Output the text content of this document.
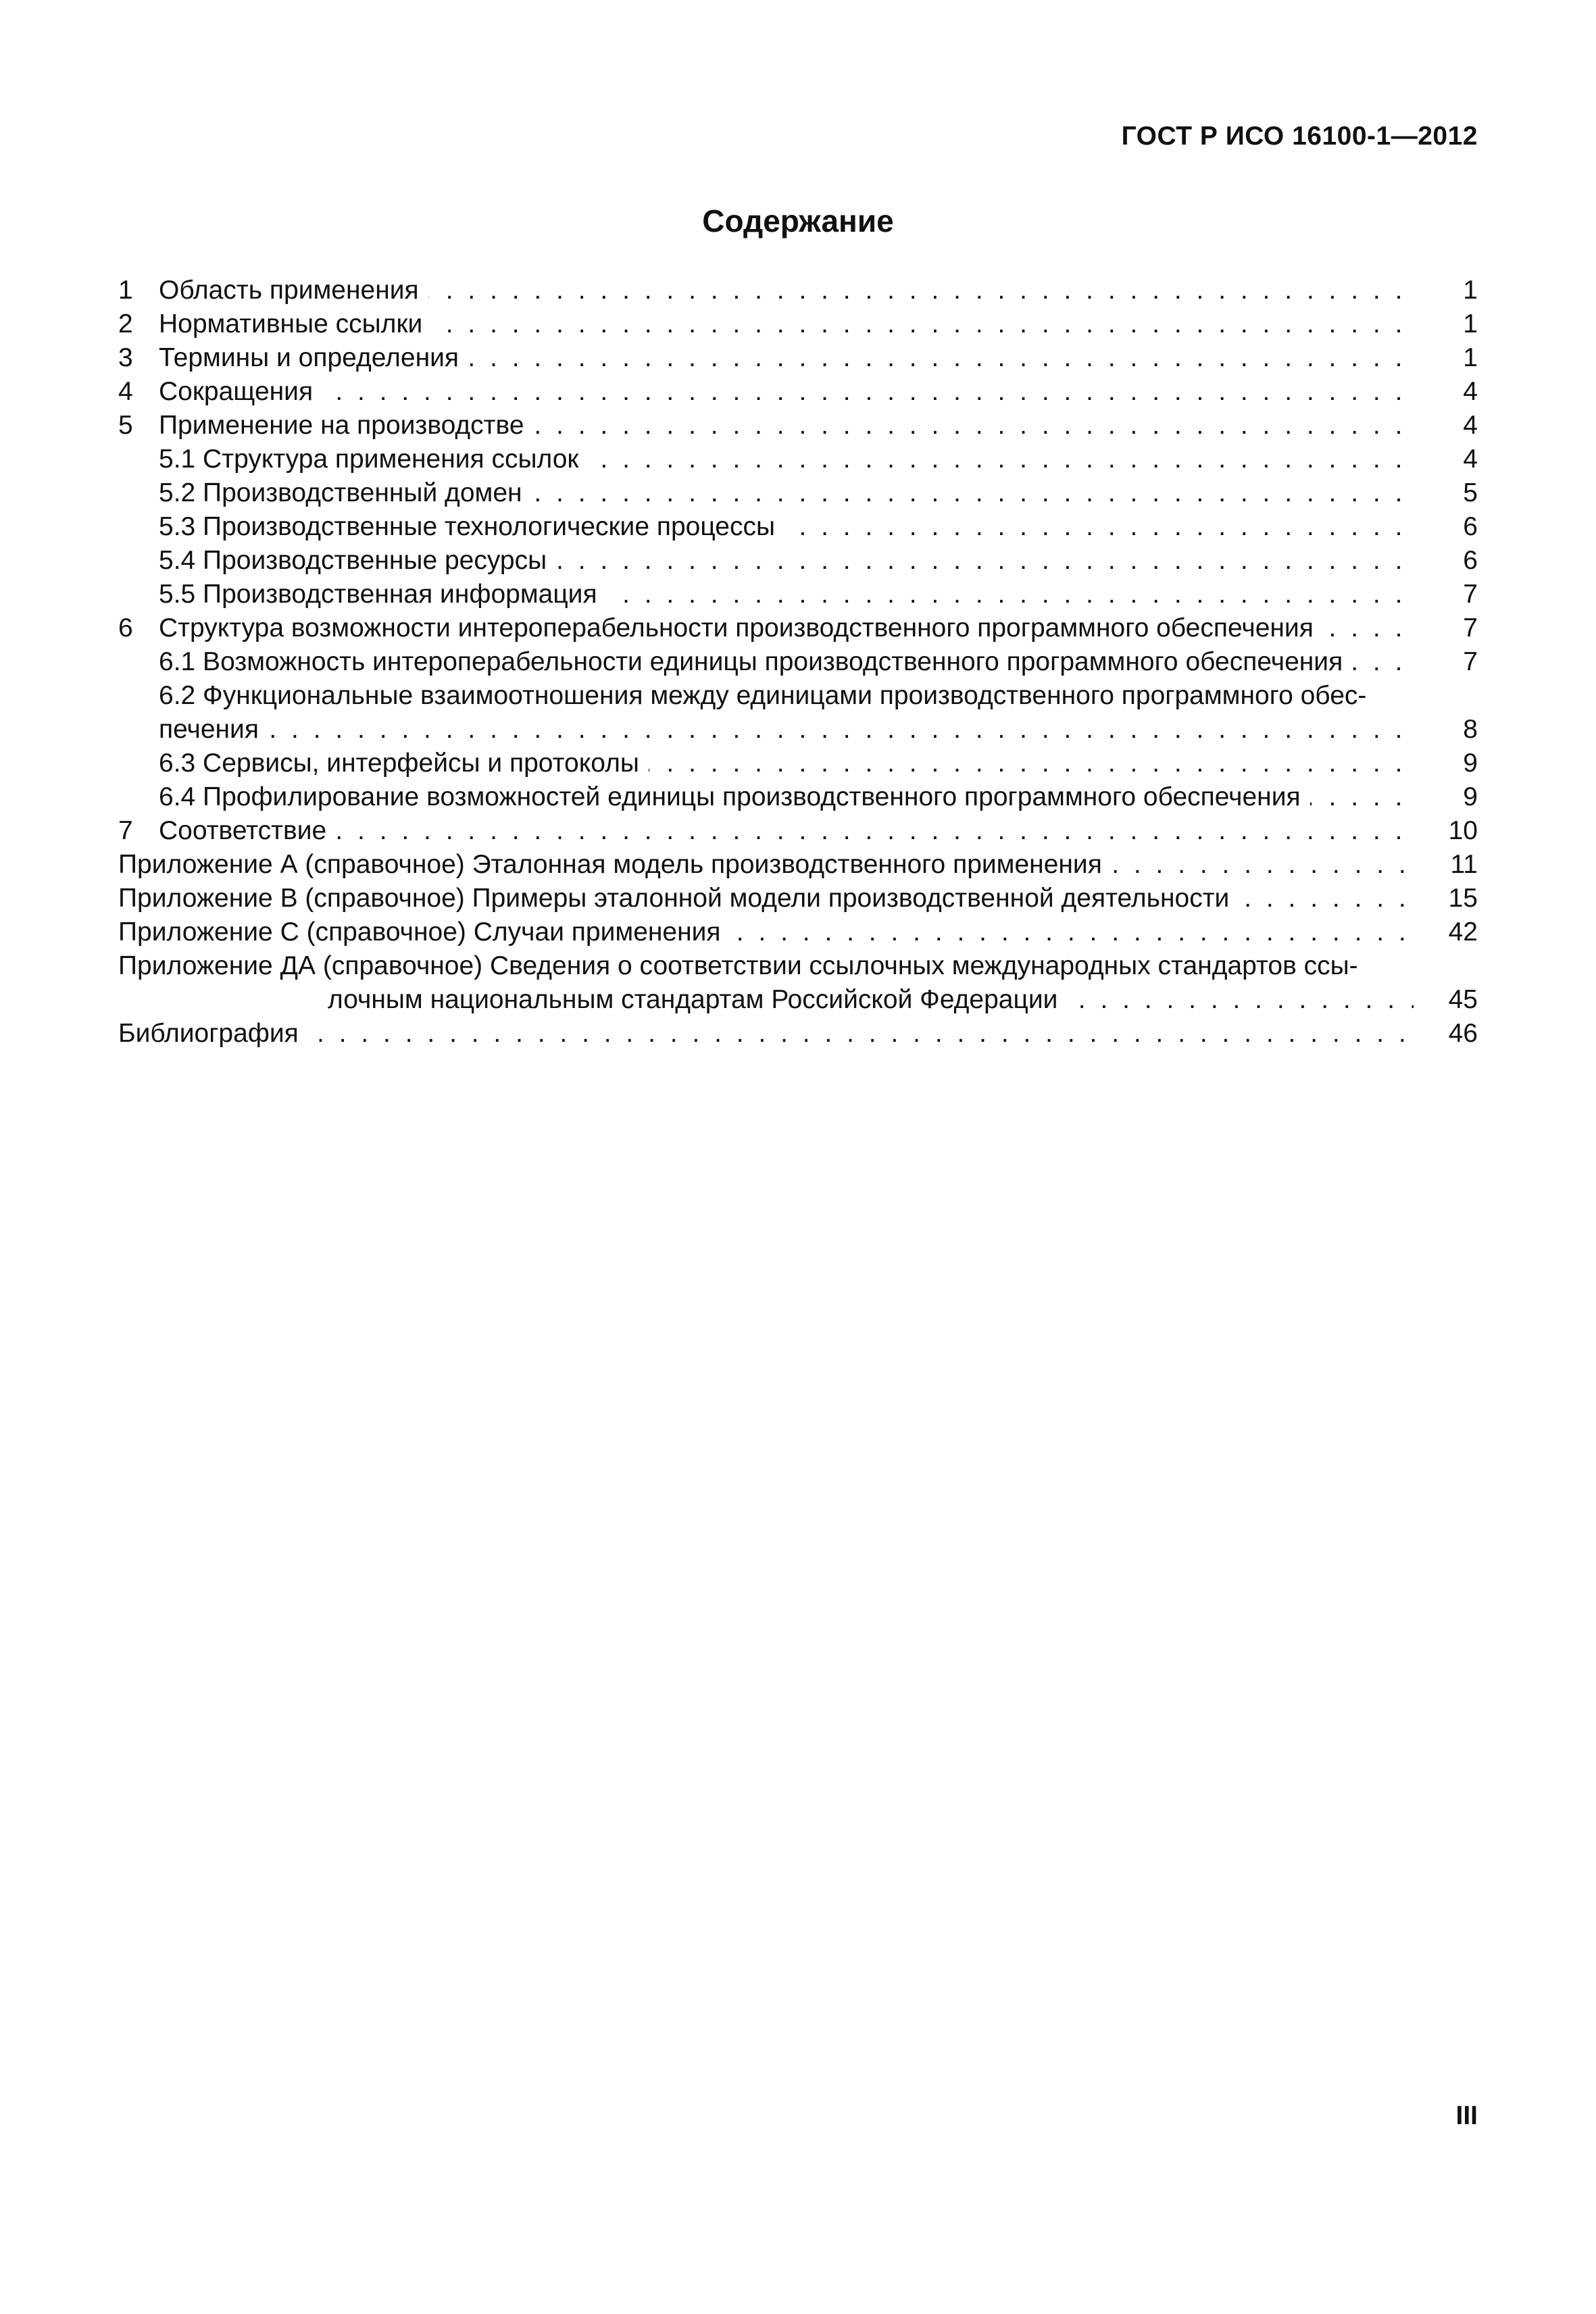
ГОСТ Р ИСО 16100-1—2012
Содержание
1 Область применения . . .	1
2 Нормативные ссылки . . .	1
3 Термины и определения . . .	1
4 Сокращения . . .	4
5 Применение на производстве . . .	4
5.1 Структура применения ссылок . . .	4
5.2 Производственный домен . . .	5
5.3 Производственные технологические процессы . . .	6
5.4 Производственные ресурсы . . .	6
5.5 Производственная информация . . .	7
6 Структура возможности интероперабельности производственного программного обеспечения . . .	7
6.1 Возможность интероперабельности единицы производственного программного обеспечения . . .	7
6.2 Функциональные взаимоотношения между единицами производственного программного обес-
печения . . .	8
6.3 Сервисы, интерфейсы и протоколы . . .	9
6.4 Профилирование возможностей единицы производственного программного обеспечения . . .	9
7 Соответствие . . .	10
Приложение А (справочное) Эталонная модель производственного применения . . .	11
Приложение В (справочное) Примеры эталонной модели производственной деятельности . . .	15
Приложение С (справочное) Случаи применения . . .	42
Приложение ДА (справочное) Сведения о соответствии ссылочных международных стандартов ссы-
лочным национальным стандартам Российской Федерации . . .	45
Библиография . . .	46
III
